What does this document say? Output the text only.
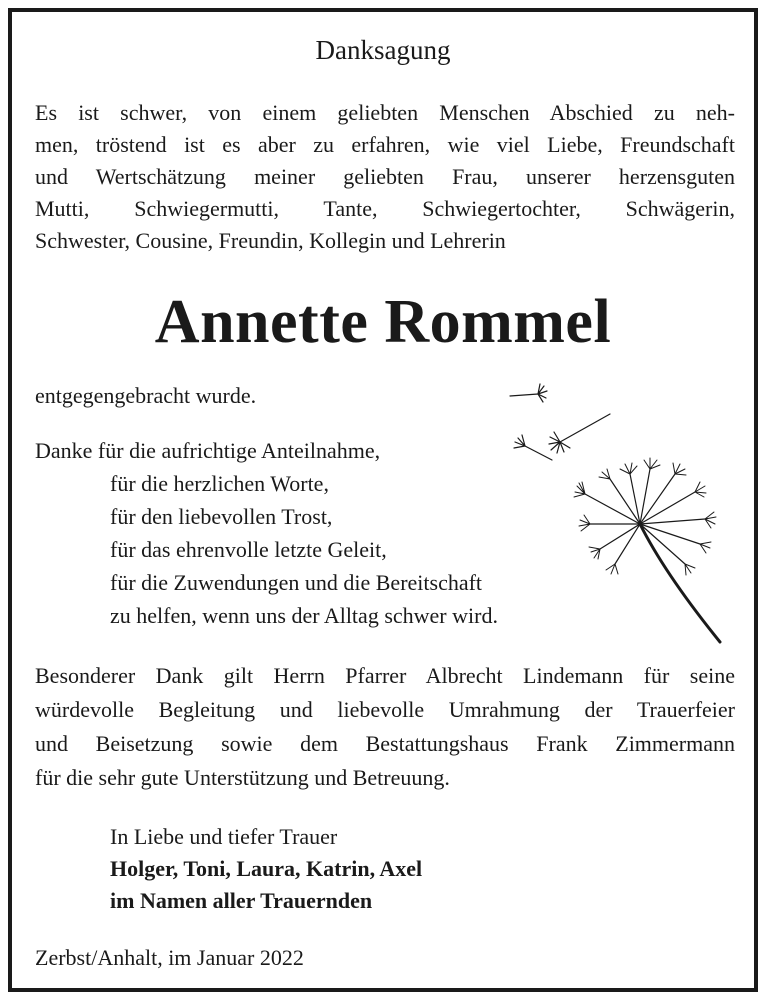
Danksagung
Es ist schwer, von einem geliebten Menschen Abschied zu neh-
men, tröstend ist es aber zu erfahren, wie viel Liebe, Freundschaft
und Wertschätzung meiner geliebten Frau, unserer herzensguten
Mutti, Schwiegermutti, Tante, Schwiegertochter, Schwägerin,
Schwester, Cousine, Freundin, Kollegin und Lehrerin
Annette Rommel
entgegengebracht wurde.
Danke für die aufrichtige Anteilnahme,
für die herzlichen Worte,
für den liebevollen Trost,
für das ehrenvolle letzte Geleit,
für die Zuwendungen und die Bereitschaft
zu helfen, wenn uns der Alltag schwer wird.
Besonderer Dank gilt Herrn Pfarrer Albrecht Lindemann für seine
würdevolle Begleitung und liebevolle Umrahmung der Trauerfeier
und Beisetzung sowie dem Bestattungshaus Frank Zimmermann
für die sehr gute Unterstützung und Betreuung.
In Liebe und tiefer Trauer
Holger, Toni, Laura, Katrin, Axel
im Namen aller Trauernden
Zerbst/Anhalt, im Januar 2022
